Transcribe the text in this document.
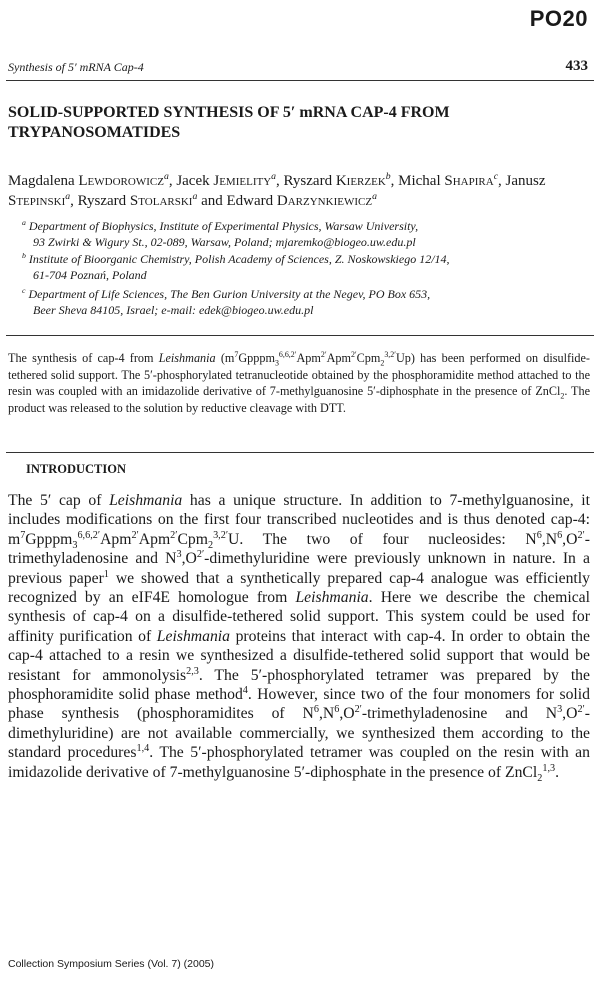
PO20
Synthesis of 5′ mRNA Cap-4	433
SOLID-SUPPORTED SYNTHESIS OF 5′ mRNA CAP-4 FROM
TRYPANOSOMATIDES
Magdalena Lewdorowicz$^a$, Jacek Jemielity$^a$, Ryszard Kierzek$^b$, Michal Shapira$^c$, Janusz Stepinski$^a$, Ryszard Stolarski$^a$ and Edward Darzynkiewicz$^a$
$^a$ Department of Biophysics, Institute of Experimental Physics, Warsaw University,
93 Zwirki & Wigury St., 02-089, Warsaw, Poland; mjaremko@biogeo.uw.edu.pl
$^b$ Institute of Bioorganic Chemistry, Polish Academy of Sciences, Z. Noskowskiego 12/14,
61-704 Poznań, Poland
$^c$ Department of Life Sciences, The Ben Gurion University at the Negev, PO Box 653,
Beer Sheva 84105, Israel; e-mail: edek@biogeo.uw.edu.pl
The synthesis of cap-4 from Leishmania $(m^7Gpppm_3^{6,6,2'}Apm^{2'}Apm^{2'}Cpm_2^{3,2'}Up)$ has been performed on disulfide-tethered solid support. The 5′-phosphorylated tetranucleotide obtained by the phosphoramidite method attached to the resin was coupled with an imidazolide derivative of 7-methylguanosine 5′-diphosphate in the presence of ZnCl$_2$. The product was released to the solution by reductive cleavage with DTT.
INTRODUCTION
The 5′ cap of Leishmania has a unique structure. In addition to 7-methylguanosine, it includes modifications on the first four transcribed nucleotides and is thus denoted cap-4: $m^7Gpppm_3^{6,6,2'}Apm^{2'}Apm^{2'}Cpm_2^{3,2'}U$. The two of four nucleosides: $N^6,N^6,O^{2'}$-trimethyladenosine and $N^3,O^{2'}$-dimethyluridine were previously unknown in nature. In a previous paper$^1$ we showed that a synthetically prepared cap-4 analogue was efficiently recognized by an eIF4E homologue from Leishmania. Here we describe the chemical synthesis of cap-4 on a disulfide-tethered solid support. This system could be used for affinity purification of Leishmania proteins that interact with cap-4. In order to obtain the cap-4 attached to a resin we synthesized a disulfide-tethered solid support that would be resistant for ammonolysis$^{2,3}$. The 5′-phosphorylated tetramer was prepared by the phosphoramidite solid phase method$^4$. However, since two of the four monomers for solid phase synthesis (phosphoramidites of $N^6,N^6,O^{2'}$-trimethyladenosine and $N^3,O^{2'}-dimethyluridine$) are not available commercially, we synthesized them according to the standard procedures$^{1,4}$. The 5′-phosphorylated tetramer was coupled on the resin with an imidazolide derivative of 7-methylguanosine 5′-diphosphate in the presence of ZnCl$_2^{1,3}$.
Collection Symposium Series (Vol. 7) (2005)
